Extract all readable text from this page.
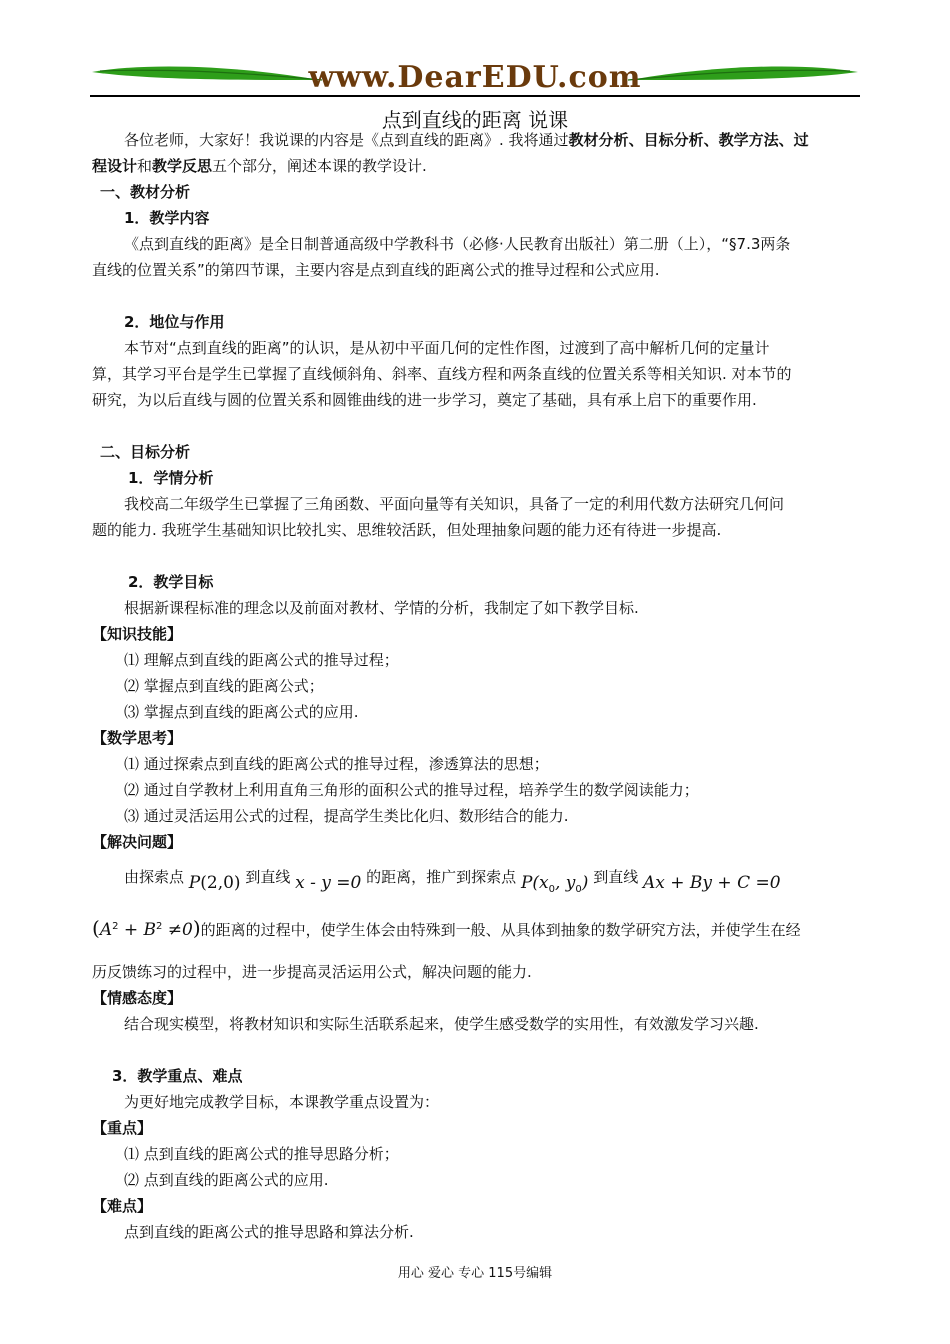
www.DearEDU.com
点到直线的距离 说课
各位老师，大家好！我说课的内容是《点到直线的距离》. 我将通过教材分析、目标分析、教学方法、过
程设计和教学反思五个部分，阐述本课的教学设计.
一、教材分析
1．教学内容
《点到直线的距离》是全日制普通高级中学教科书（必修·人民教育出版社）第二册（上），“§7.3两条
直线的位置关系”的第四节课，主要内容是点到直线的距离公式的推导过程和公式应用.
2．地位与作用
本节对“点到直线的距离”的认识，是从初中平面几何的定性作图，过渡到了高中解析几何的定量计
算，其学习平台是学生已掌握了直线倾斜角、斜率、直线方程和两条直线的位置关系等相关知识. 对本节的
研究，为以后直线与圆的位置关系和圆锥曲线的进一步学习，奠定了基础，具有承上启下的重要作用.
二、目标分析
1．学情分析
我校高二年级学生已掌握了三角函数、平面向量等有关知识，具备了一定的利用代数方法研究几何问
题的能力. 我班学生基础知识比较扎实、思维较活跃，但处理抽象问题的能力还有待进一步提高.
2．教学目标
根据新课程标准的理念以及前面对教材、学情的分析，我制定了如下教学目标.
【知识技能】
⑴ 理解点到直线的距离公式的推导过程；
⑵ 掌握点到直线的距离公式；
⑶ 掌握点到直线的距离公式的应用.
【数学思考】
⑴ 通过探索点到直线的距离公式的推导过程，渗透算法的思想；
⑵ 通过自学教材上利用直角三角形的面积公式的推导过程，培养学生的数学阅读能力；
⑶ 通过灵活运用公式的过程，提高学生类比化归、数形结合的能力.
【解决问题】
由探索点 P(2,0) 到直线 x - y =0 的距离，推广到探索点 $P(x_0$, $y_0$) 到直线 Ax + By + C =0
$(A^2 + B^2 \ne 0)$的距离的过程中，使学生体会由特殊到一般、从具体到抽象的数学研究方法，并使学生在经
历反馈练习的过程中，进一步提高灵活运用公式，解决问题的能力.
【情感态度】
结合现实模型，将教材知识和实际生活联系起来，使学生感受数学的实用性，有效激发学习兴趣.
3．教学重点、难点
为更好地完成教学目标，本课教学重点设置为：
【重点】
⑴ 点到直线的距离公式的推导思路分析；
⑵ 点到直线的距离公式的应用.
【难点】
点到直线的距离公式的推导思路和算法分析.
用心 爱心 专心 115号编辑
